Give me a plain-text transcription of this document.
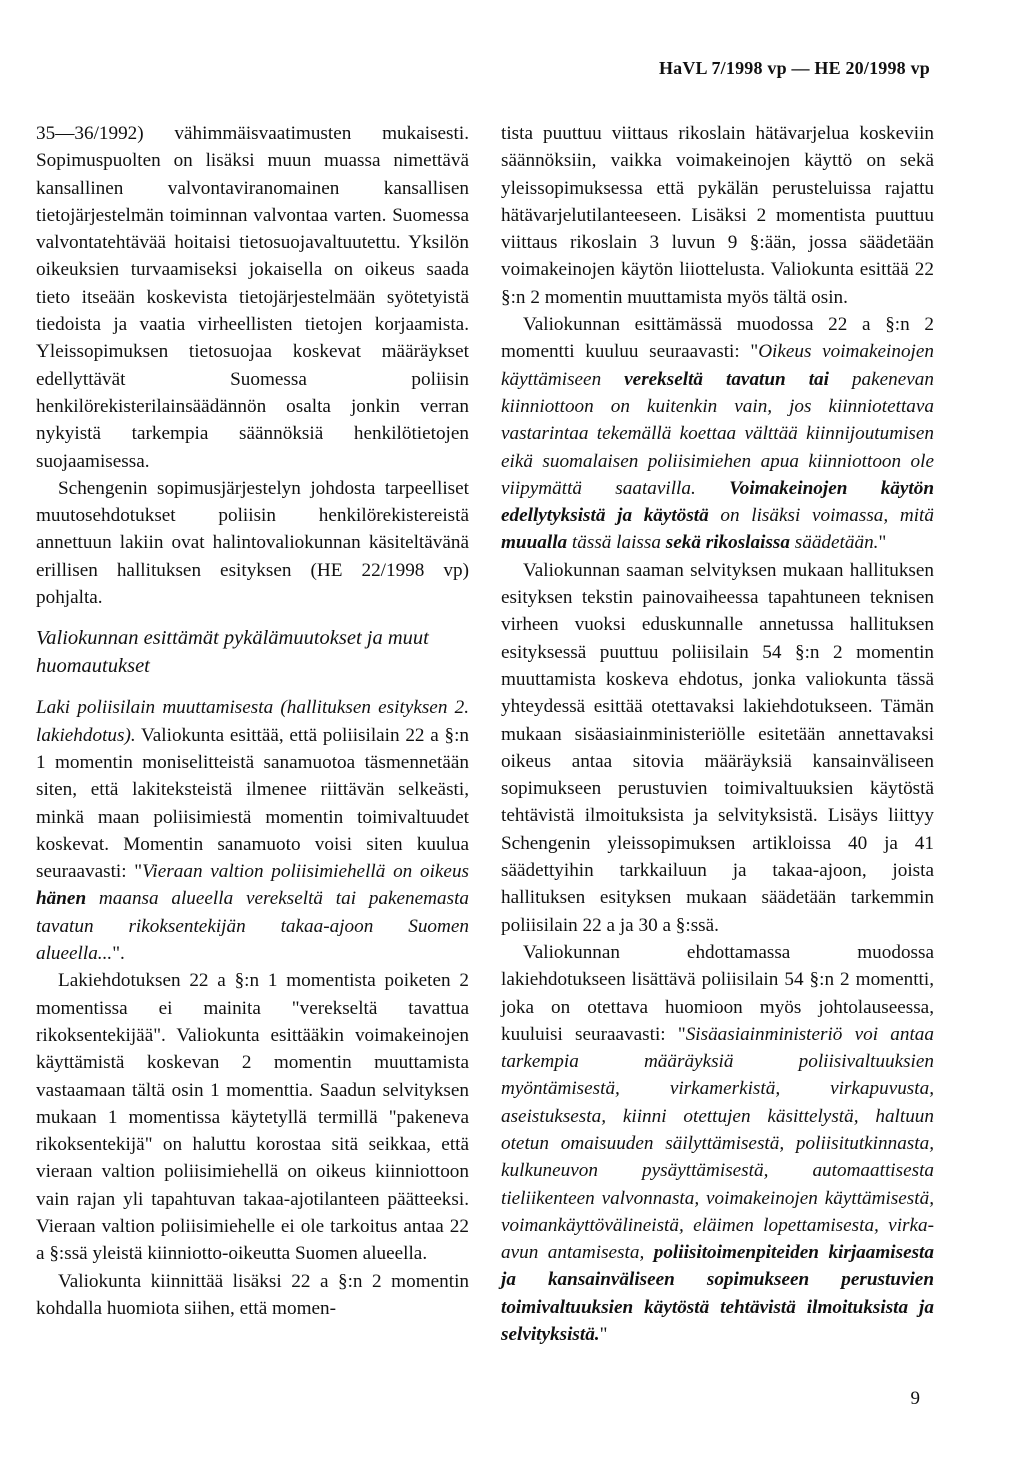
HaVL 7/1998 vp — HE 20/1998 vp

35—36/1992) vähimmäisvaatimusten mukaisesti. Sopimuspuolten on lisäksi muun muassa nimettävä kansallinen valvontaviranomainen kansallisen tietojärjestelmän toiminnan valvontaa varten. Suomessa valvontatehtävää hoitaisi tietosuojavaltuutettu. Yksilön oikeuksien turvaamiseksi jokaisella on oikeus saada tieto itseään koskevista tietojärjestelmään syötetyistä tiedoista ja vaatia virheellisten tietojen korjaamista. Yleissopimuksen tietosuojaa koskevat määräykset edellyttävät Suomessa poliisin henkilörekisterilainsäädännön osalta jonkin verran nykyistä tarkempia säännöksiä henkilötietojen suojaamisessa.

Schengenin sopimusjärjestelyn johdosta tarpeelliset muutosehdotukset poliisin henkilörekistereistä annettuun lakiin ovat halintovaliokunnan käsiteltävänä erillisen hallituksen esityksen (HE 22/1998 vp) pohjalta.

Valiokunnan esittämät pykälämuutokset ja muut huomautukset

Laki poliisilain muuttamisesta (hallituksen esityksen 2. lakiehdotus). Valiokunta esittää, että poliisilain 22 a §:n 1 momentin moniselitteistä sanamuotoa täsmennetään siten, että lakiteksteistä ilmenee riittävän selkeästi, minkä maan poliisimiestä momentin toimivaltuudet koskevat. Momentin sanamuoto voisi siten kuulua seuraavasti: "Vieraan valtion poliisimiehellä on oikeus hänen maansa alueella verekseltä tai pakenemasta tavatun rikoksentekijän takaa-ajoon Suomen alueella...".

Lakiehdotuksen 22 a §:n 1 momentista poiketen 2 momentissa ei mainita "verekseltä tavattua rikoksentekijää". Valiokunta esittääkin voimakeinojen käyttämistä koskevan 2 momentin muuttamista vastaamaan tältä osin 1 momenttia. Saadun selvityksen mukaan 1 momentissa käytetyllä termillä "pakeneva rikoksentekijä" on haluttu korostaa sitä seikkaa, että vieraan valtion poliisimiehellä on oikeus kiinniottoon vain rajan yli tapahtuvan takaa-ajotilanteen päätteeksi. Vieraan valtion poliisimiehelle ei ole tarkoitus antaa 22 a §:ssä yleistä kiinniotto-oikeutta Suomen alueella.

Valiokunta kiinnittää lisäksi 22 a §:n 2 momentin kohdalla huomiota siihen, että momen-

tista puuttuu viittaus rikoslain hätävarjelua koskeviin säännöksiin, vaikka voimakeinojen käyttö on sekä yleissopimuksessa että pykälän perusteluissa rajattu hätävarjelutilanteeseen. Lisäksi 2 momentista puuttuu viittaus rikoslain 3 luvun 9 §:ään, jossa säädetään voimakeinojen käytön liiottelusta. Valiokunta esittää 22 §:n 2 momentin muuttamista myös tältä osin.

Valiokunnan esittämässä muodossa 22 a §:n 2 momentti kuuluu seuraavasti: "Oikeus voimakeinojen käyttämiseen verekseltä tavatun tai pakenevan kiinniottoon on kuitenkin vain, jos kiinniotettava vastarintaa tekemällä koettaa välttää kiinnijoutumisen eikä suomalaisen poliisimiehen apua kiinniottoon ole viipymättä saatavilla. Voimakeinojen käytön edellytyksistä ja käytöstä on lisäksi voimassa, mitä muualla tässä laissa sekä rikoslaissa säädetään."

Valiokunnan saaman selvityksen mukaan hallituksen esityksen tekstin painovaiheessa tapahtuneen teknisen virheen vuoksi eduskunnalle annetussa hallituksen esityksessä puuttuu poliisilain 54 §:n 2 momentin muuttamista koskeva ehdotus, jonka valiokunta tässä yhteydessä esittää otettavaksi lakiehdotukseen. Tämän mukaan sisäasiainministeriölle esitetään annettavaksi oikeus antaa sitovia määräyksiä kansainväliseen sopimukseen perustuvien toimivaltuuksien käytöstä tehtävistä ilmoituksista ja selvityksistä. Lisäys liittyy Schengenin yleissopimuksen artikloissa 40 ja 41 säädettyihin tarkkailuun ja takaa-ajoon, joista hallituksen esityksen mukaan säädetään tarkemmin poliisilain 22 a ja 30 a §:ssä.

Valiokunnan ehdottamassa muodossa lakiehdotukseen lisättävä poliisilain 54 §:n 2 momentti, joka on otettava huomioon myös johtolauseessa, kuuluisi seuraavasti: "Sisäasiainministeriö voi antaa tarkempia määräyksiä poliisivaltuuksien myöntämisestä, virkamerkistä, virkapuvusta, aseistuksesta, kiinni otettujen käsittelystä, haltuun otetun omaisuuden säilyttämisestä, poliisitutkinnasta, kulkuneuvon pysäyttämisestä, automaattisesta tieliikenteen valvonnasta, voimakeinojen käyttämisestä, voimankäyttövälineistä, eläimen lopettamisesta, virka-avun antamisesta, poliisitoimenpiteiden kirjaamisesta ja kansainväliseen sopimukseen perustuvien toimivaltuuksien käytöstä tehtävistä ilmoituksista ja selvityksistä."

9
